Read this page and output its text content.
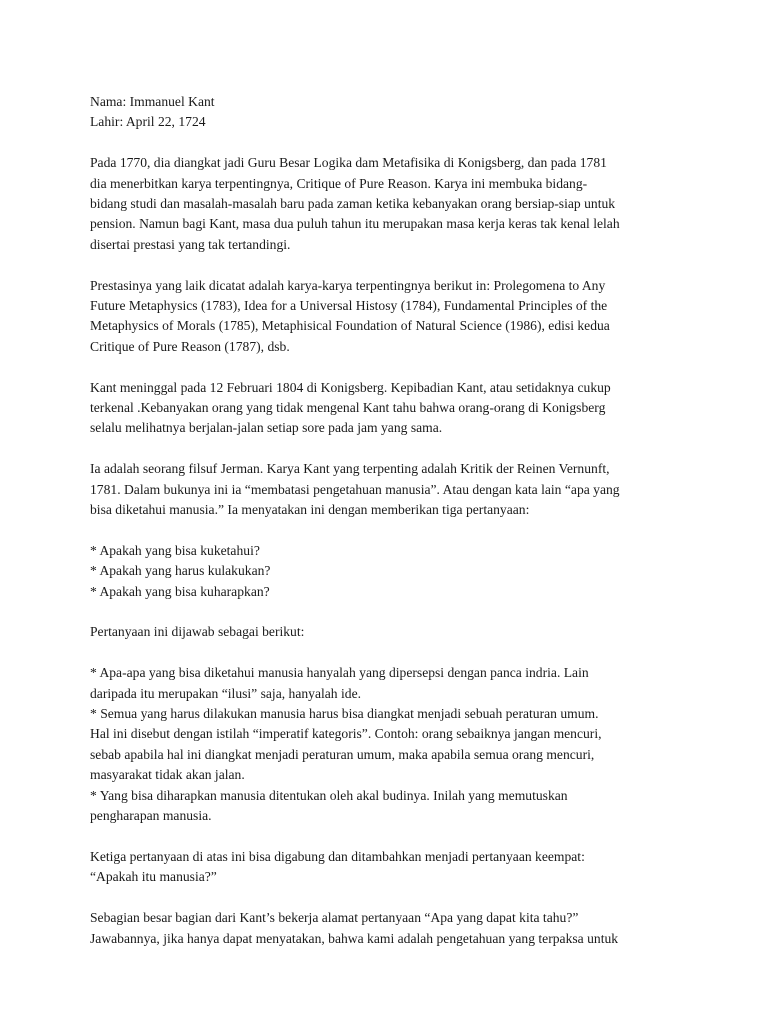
Nama: Immanuel Kant
Lahir: April 22, 1724
Pada 1770, dia diangkat jadi Guru Besar Logika dam Metafisika di Konigsberg, dan pada 1781
dia menerbitkan karya terpentingnya, Critique of Pure Reason. Karya ini membuka bidang-
bidang studi dan masalah-masalah baru pada zaman ketika kebanyakan orang bersiap-siap untuk
pension. Namun bagi Kant, masa dua puluh tahun itu merupakan masa kerja keras tak kenal lelah
disertai prestasi yang tak tertandingi.
Prestasinya yang laik dicatat adalah karya-karya terpentingnya berikut in: Prolegomena to Any
Future Metaphysics (1783), Idea for a Universal Histosy (1784), Fundamental Principles of the
Metaphysics of Morals (1785), Metaphisical Foundation of Natural Science (1986), edisi kedua
Critique of Pure Reason (1787), dsb.
Kant meninggal pada 12 Februari 1804 di Konigsberg. Kepibadian Kant, atau setidaknya cukup
terkenal .Kebanyakan orang yang tidak mengenal Kant tahu bahwa orang-orang di Konigsberg
selalu melihatnya berjalan-jalan setiap sore pada jam yang sama.
Ia adalah seorang filsuf Jerman. Karya Kant yang terpenting adalah Kritik der Reinen Vernunft,
1781. Dalam bukunya ini ia “membatasi pengetahuan manusia”. Atau dengan kata lain “apa yang
bisa diketahui manusia.” Ia menyatakan ini dengan memberikan tiga pertanyaan:
* Apakah yang bisa kuketahui?
* Apakah yang harus kulakukan?
* Apakah yang bisa kuharapkan?
Pertanyaan ini dijawab sebagai berikut:
* Apa-apa yang bisa diketahui manusia hanyalah yang dipersepsi dengan panca indria. Lain
daripada itu merupakan “ilusi” saja, hanyalah ide.
* Semua yang harus dilakukan manusia harus bisa diangkat menjadi sebuah peraturan umum.
Hal ini disebut dengan istilah “imperatif kategoris”. Contoh: orang sebaiknya jangan mencuri,
sebab apabila hal ini diangkat menjadi peraturan umum, maka apabila semua orang mencuri,
masyarakat tidak akan jalan.
* Yang bisa diharapkan manusia ditentukan oleh akal budinya. Inilah yang memutuskan
pengharapan manusia.
Ketiga pertanyaan di atas ini bisa digabung dan ditambahkan menjadi pertanyaan keempat:
“Apakah itu manusia?”
Sebagian besar bagian dari Kant’s bekerja alamat pertanyaan “Apa yang dapat kita tahu?”
Jawabannya, jika hanya dapat menyatakan, bahwa kami adalah pengetahuan yang terpaksa untuk
